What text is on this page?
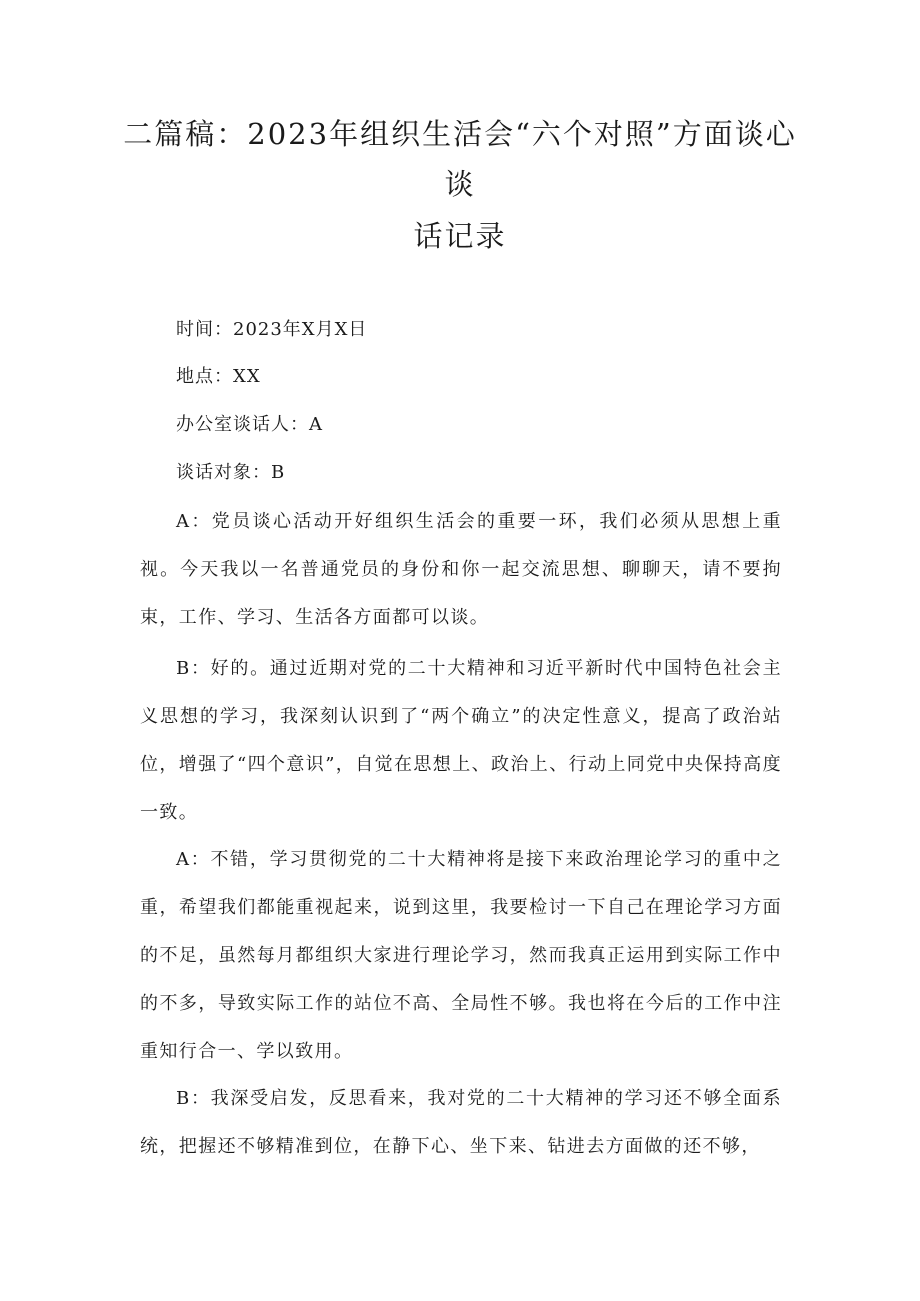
二篇稿：2023年组织生活会“六个对照”方面谈心
谈
话记录

时间：2023年X月X日

地点：XX

办公室谈话人：A

谈话对象：B

A：党员谈心活动开好组织生活会的重要一环，我们必须从思想上重视。今天我以一名普通党员的身份和你一起交流思想、聊聊天，请不要拘束，工作、学习、生活各方面都可以谈。

B：好的。通过近期对党的二十大精神和习近平新时代中国特色社会主义思想的学习，我深刻认识到了“两个确立”的决定性意义，提高了政治站位，增强了“四个意识”，自觉在思想上、政治上、行动上同党中央保持高度一致。

A：不错，学习贯彻党的二十大精神将是接下来政治理论学习的重中之重，希望我们都能重视起来，说到这里，我要检讨一下自己在理论学习方面的不足，虽然每月都组织大家进行理论学习，然而我真正运用到实际工作中的不多，导致实际工作的站位不高、全局性不够。我也将在今后的工作中注重知行合一、学以致用。

B：我深受启发，反思看来，我对党的二十大精神的学习还不够全面系统，把握还不够精准到位，在静下心、坐下来、钻进去方面做的还不够，
